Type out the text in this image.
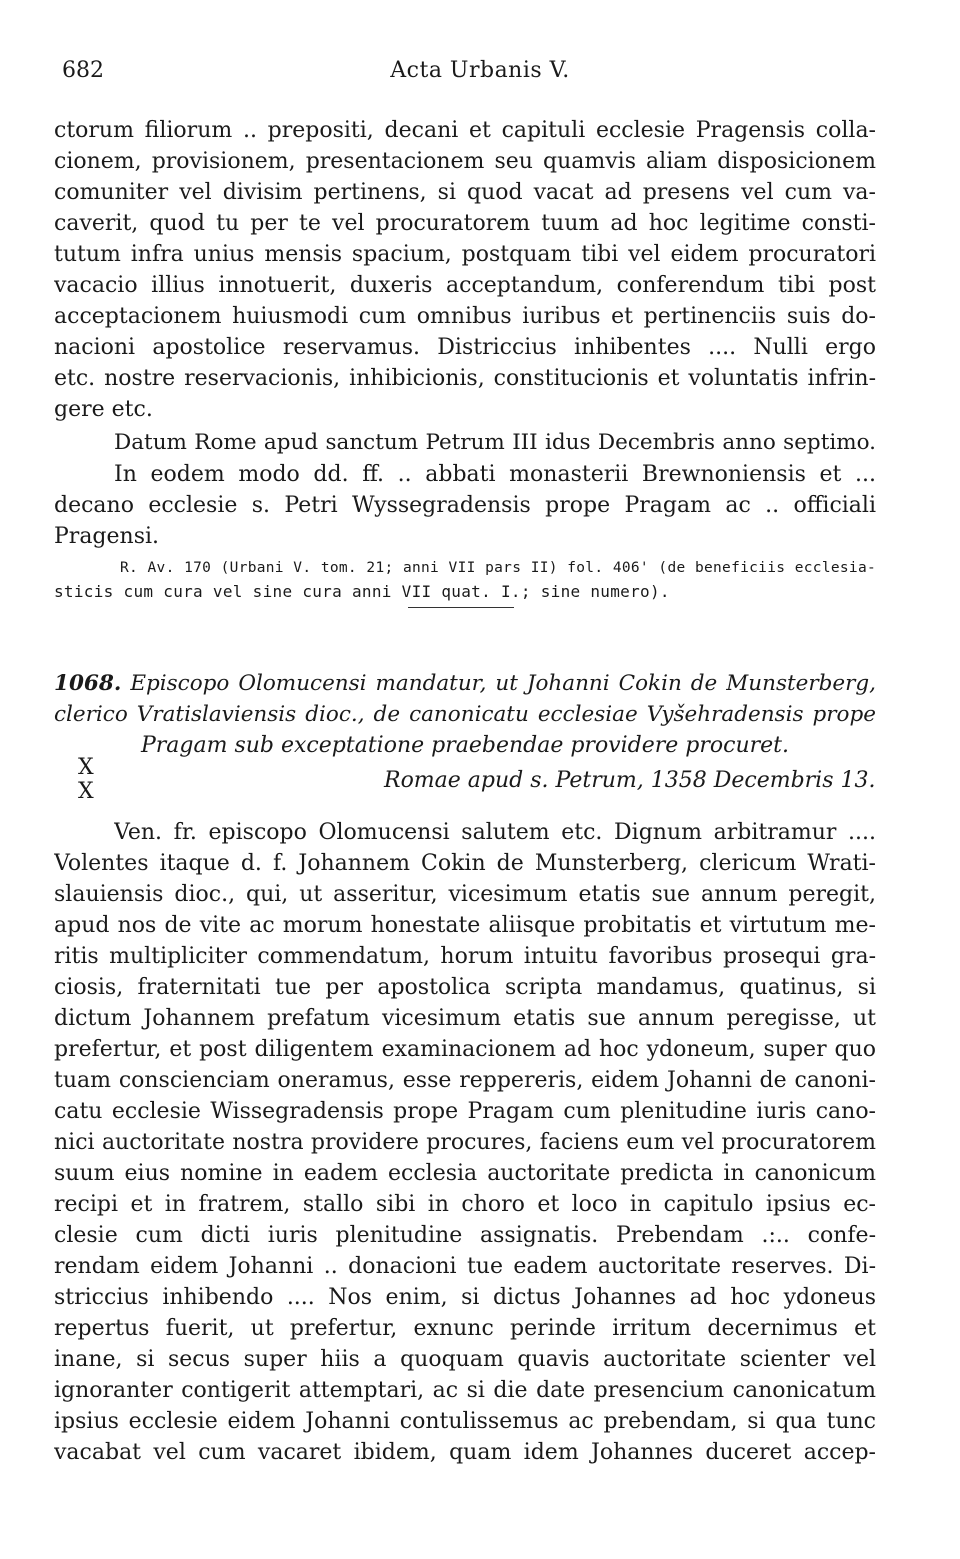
682	Acta Urbanis V.
ctorum filiorum .. prepositi, decani et capituli ecclesie Pragensis colla-
cionem, provisionem, presentacionem seu quamvis aliam disposicionem
comuniter vel divisim pertinens, si quod vacat ad presens vel cum va-
caverit, quod tu per te vel procuratorem tuum ad hoc legitime consti-
tutum infra unius mensis spacium, postquam tibi vel eidem procuratori
vacacio illius innotuerit, duxeris acceptandum, conferendum tibi post
acceptacionem huiusmodi cum omnibus iuribus et pertinenciis suis do-
nacioni apostolice reservamus. Districcius inhibentes .... Nulli ergo
etc. nostre reservacionis, inhibicionis, constitucionis et voluntatis infrin-
gere etc.
Datum Rome apud sanctum Petrum III idus Decembris anno septimo.
In eodem modo dd. ff. .. abbati monasterii Brewnoniensis et ...
decano ecclesie s. Petri Wyssegradensis prope Pragam ac .. officiali
Pragensi.
R. Av. 170 (Urbani V. tom. 21; anni VII pars II) fol. 406' (de beneficiis ecclesia-
sticis cum cura vel sine cura anni VII quat. I.; sine numero).
1068. Episcopo Olomucensi mandatur, ut Johanni Cokin de Munsterberg,
clerico Vratislaviensis dioc., de canonicatu ecclesiae Vyšehradensis prope
Pragam sub exceptatione praebendae providere procuret.
X
X	Romae apud s. Petrum, 1358 Decembris 13.
Ven. fr. episcopo Olomucensi salutem etc. Dignum arbitramur ....
Volentes itaque d. f. Johannem Cokin de Munsterberg, clericum Wrati-
slauiensis dioc., qui, ut asseritur, vicesimum etatis sue annum peregit,
apud nos de vite ac morum honestate aliisque probitatis et virtutum me-
ritis multipliciter commendatum, horum intuitu favoribus prosequi gra-
ciosis, fraternitati tue per apostolica scripta mandamus, quatinus, si
dictum Johannem prefatum vicesimum etatis sue annum peregisse, ut
prefertur, et post diligentem examinacionem ad hoc ydoneum, super quo
tuam conscienciam oneramus, esse reppereris, eidem Johanni de canoni-
catu ecclesie Wissegradensis prope Pragam cum plenitudine iuris cano-
nici auctoritate nostra providere procures, faciens eum vel procuratorem
suum eius nomine in eadem ecclesia auctoritate predicta in canonicum
recipi et in fratrem, stallo sibi in choro et loco in capitulo ipsius ec-
clesie cum dicti iuris plenitudine assignatis. Prebendam .:.. confe-
rendam eidem Johanni .. donacioni tue eadem auctoritate reserves. Di-
striccius inhibendo .... Nos enim, si dictus Johannes ad hoc ydoneus
repertus fuerit, ut prefertur, exnunc perinde irritum decernimus et
inane, si secus super hiis a quoquam quavis auctoritate scienter vel
ignoranter contigerit attemptari, ac si die date presencium canonicatum
ipsius ecclesie eidem Johanni contulissemus ac prebendam, si qua tunc
vacabat vel cum vacaret ibidem, quam idem Johannes duceret accep-
